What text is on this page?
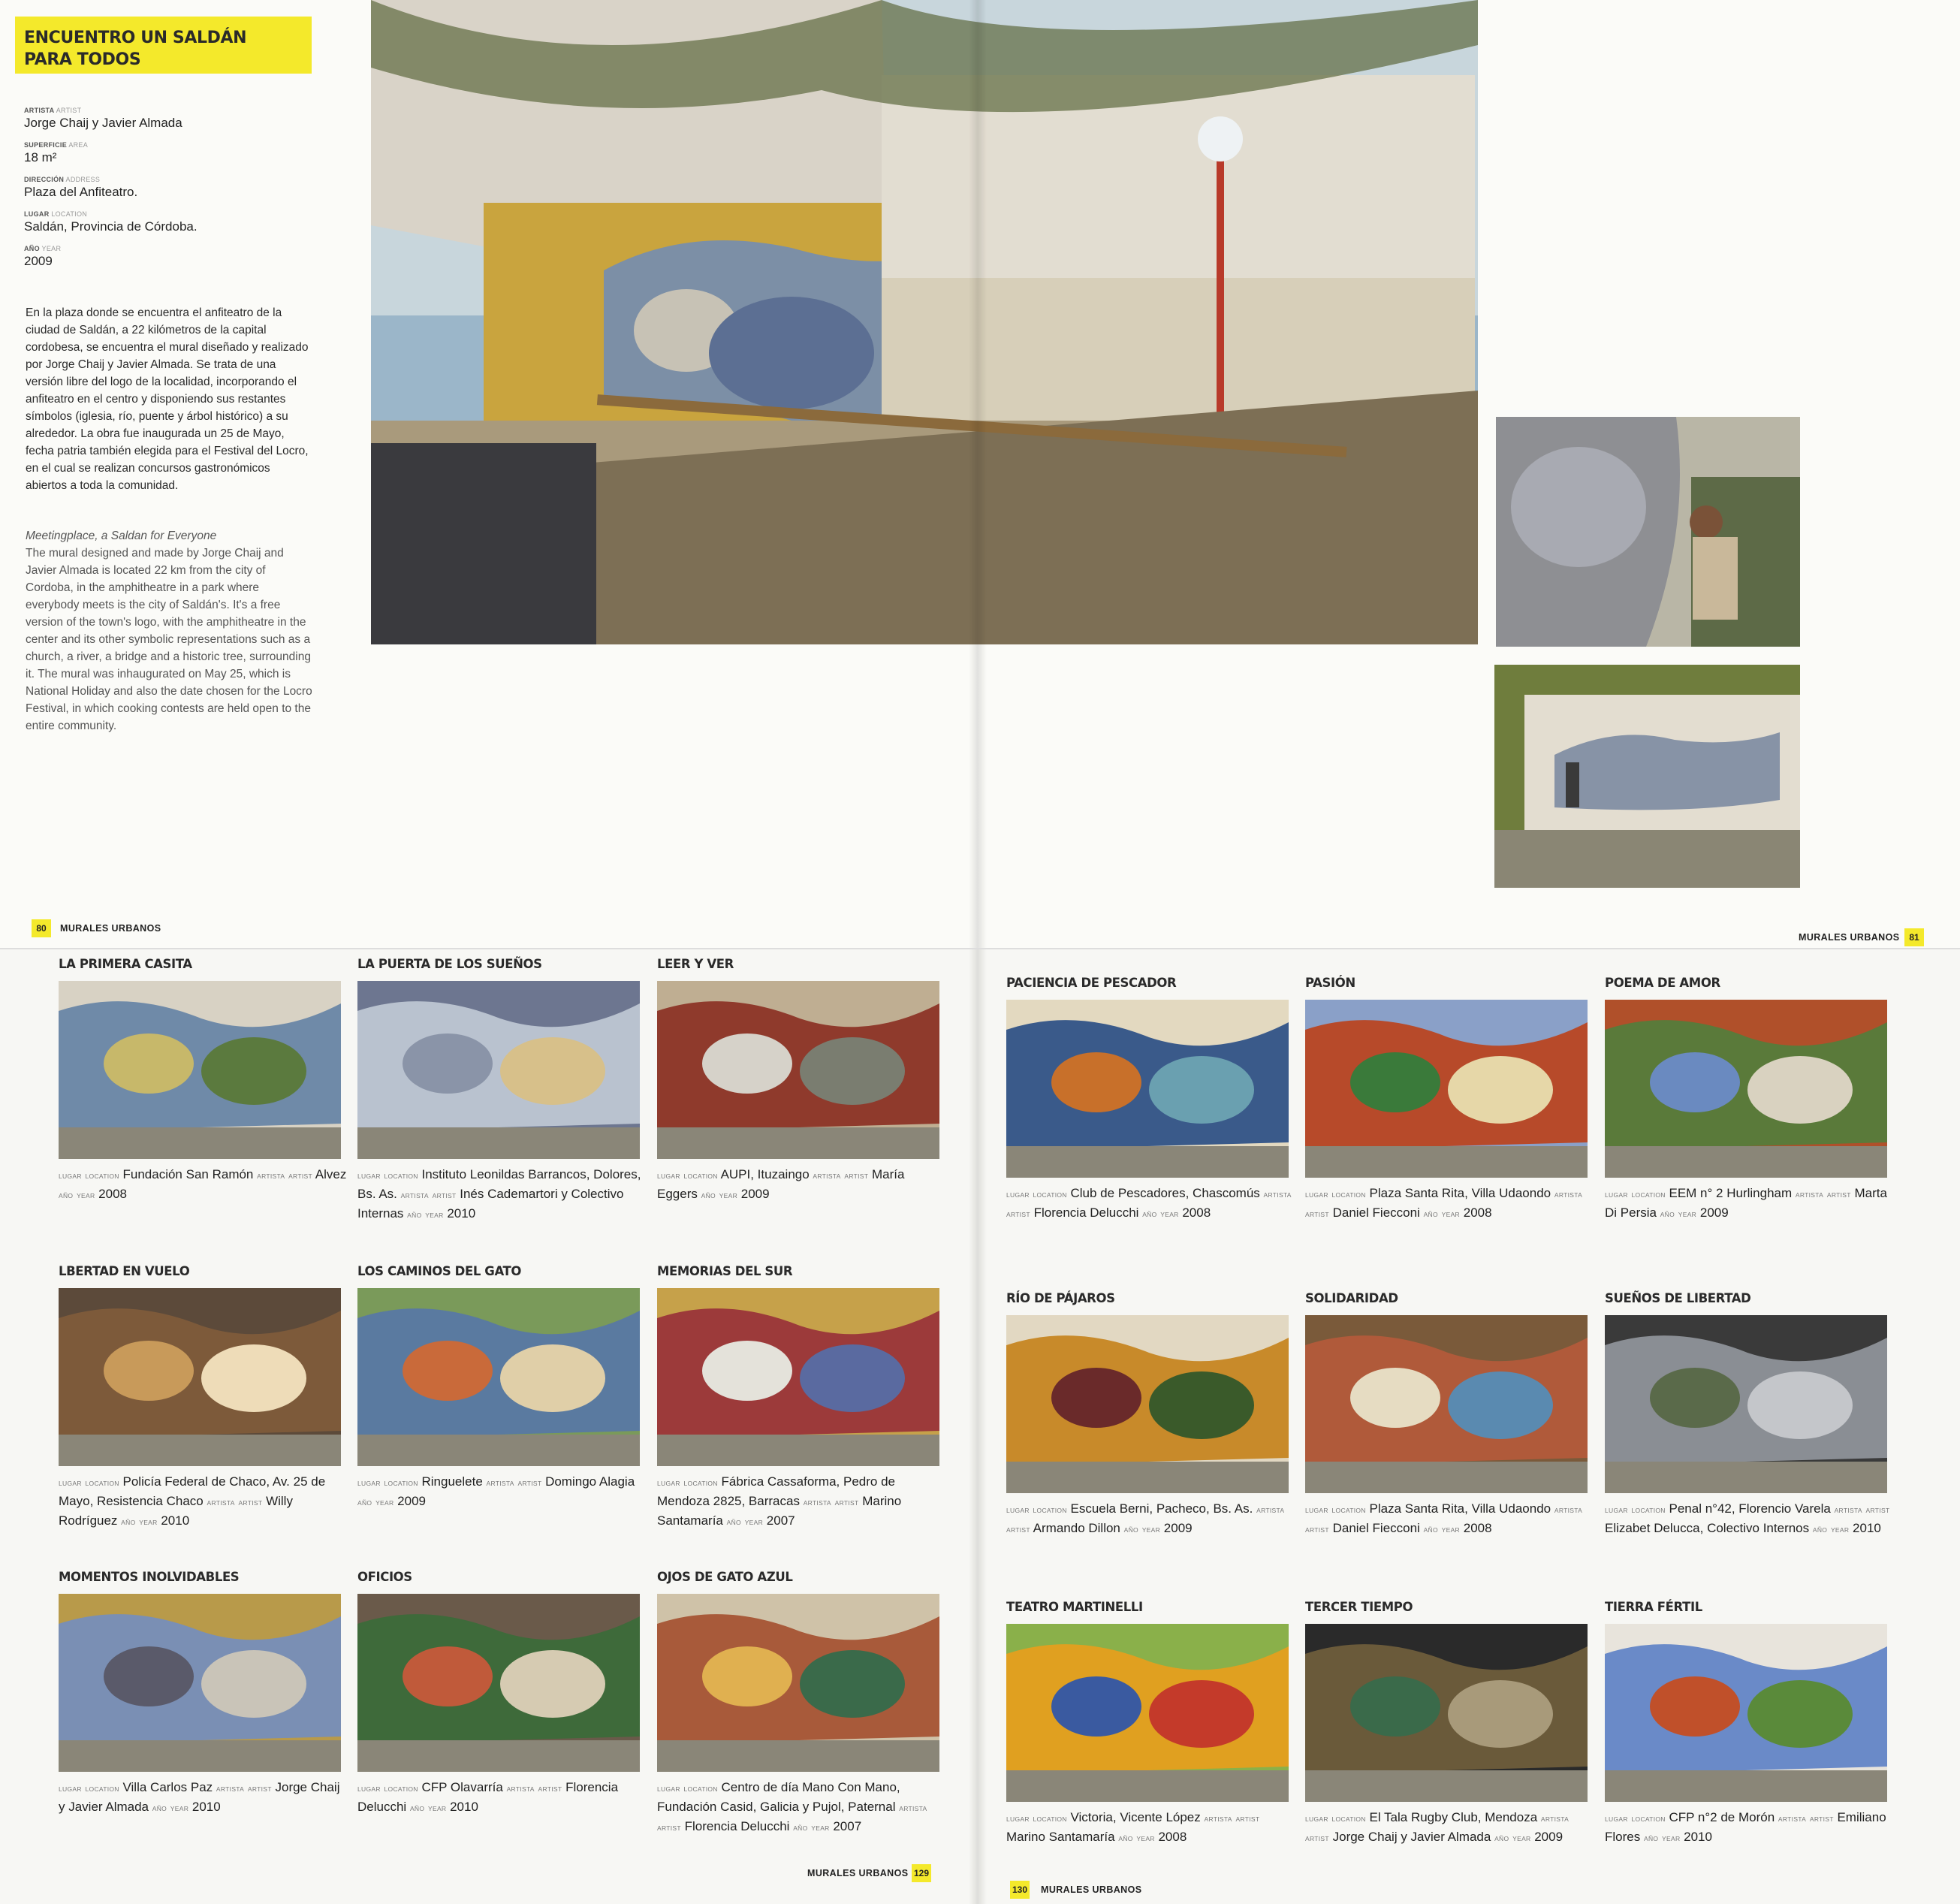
ENCUENTRO UN SALDÁN
PARA TODOS
ARTISTA ARTIST
Jorge Chaij y Javier Almada
SUPERFICIE AREA
18 m²
DIRECCIÓN ADDRESS
Plaza del Anfiteatro.
LUGAR LOCATION
Saldán, Provincia de Córdoba.
AÑO YEAR
2009
En la plaza donde se encuentra el anfiteatro de la ciudad de Saldán, a 22 kilómetros de la capital cordobesa, se encuentra el mural diseñado y realizado por Jorge Chaij y Javier Almada. Se trata de una versión libre del logo de la localidad, incorporando el anfiteatro en el centro y disponiendo sus restantes símbolos (iglesia, río, puente y árbol histórico) a su alrededor. La obra fue inaugurada un 25 de Mayo, fecha patria también elegida para el Festival del Locro, en el cual se realizan concursos gastronómicos abiertos a toda la comunidad.
Meetingplace, a Saldan for Everyone
The mural designed and made by Jorge Chaij and Javier Almada is located 22 km from the city of Cordoba, in the amphitheatre in a park where everybody meets is the city of Saldán's. It's a free version of the town's logo, with the amphitheatre in the center and its other symbolic representations such as a church, a river, a bridge and a historic tree, surrounding it. The mural was inhaugurated on May 25, which is National Holiday and also the date chosen for the Locro Festival, in which cooking contests are held open to the entire community.
80	MURALES URBANOS
MURALES URBANOS	81
LA PRIMERA CASITA
LUGAR LOCATION Fundación San Ramón ARTISTA ARTIST Alvez AÑO YEAR 2008
LA PUERTA DE LOS SUEÑOS
LUGAR LOCATION Instituto Leonildas Barrancos, Dolores, Bs. As. ARTISTA ARTIST Inés Cademartori y Colectivo Internas AÑO YEAR 2010
LEER Y VER
LUGAR LOCATION AUPI, Ituzaingo ARTISTA ARTIST María Eggers AÑO YEAR 2009
LBERTAD EN VUELO
LUGAR LOCATION Policía Federal de Chaco, Av. 25 de Mayo, Resistencia Chaco ARTISTA ARTIST Willy Rodríguez AÑO YEAR 2010
LOS CAMINOS DEL GATO
LUGAR LOCATION Ringuelete ARTISTA ARTIST Domingo Alagia AÑO YEAR 2009
MEMORIAS DEL SUR
LUGAR LOCATION Fábrica Cassaforma, Pedro de Mendoza 2825, Barracas ARTISTA ARTIST Marino Santamaría AÑO YEAR 2007
MOMENTOS INOLVIDABLES
LUGAR LOCATION Villa Carlos Paz ARTISTA ARTIST Jorge Chaij y Javier Almada AÑO YEAR 2010
OFICIOS
LUGAR LOCATION CFP Olavarría ARTISTA ARTIST Florencia Delucchi AÑO YEAR 2010
OJOS DE GATO AZUL
LUGAR LOCATION Centro de día Mano Con Mano, Fundación Casid, Galicia y Pujol, Paternal ARTISTA ARTIST Florencia Delucchi AÑO YEAR 2007
PACIENCIA DE PESCADOR
LUGAR LOCATION Club de Pescadores, Chascomús ARTISTA ARTIST Florencia Delucchi AÑO YEAR 2008
PASIÓN
LUGAR LOCATION Plaza Santa Rita, Villa Udaondo ARTISTA ARTIST Daniel Fiecconi AÑO YEAR 2008
POEMA DE AMOR
LUGAR LOCATION EEM n° 2 Hurlingham ARTISTA ARTIST Marta Di Persia AÑO YEAR 2009
RÍO DE PÁJAROS
LUGAR LOCATION Escuela Berni, Pacheco, Bs. As. ARTISTA ARTIST Armando Dillon AÑO YEAR 2009
SOLIDARIDAD
LUGAR LOCATION Plaza Santa Rita, Villa Udaondo ARTISTA ARTIST Daniel Fiecconi AÑO YEAR 2008
SUEÑOS DE LIBERTAD
LUGAR LOCATION Penal n°42, Florencio Varela ARTISTA ARTIST Elizabet Delucca, Colectivo Internos AÑO YEAR 2010
TEATRO MARTINELLI
LUGAR LOCATION Victoria, Vicente López ARTISTA ARTIST Marino Santamaría AÑO YEAR 2008
TERCER TIEMPO
LUGAR LOCATION El Tala Rugby Club, Mendoza ARTISTA ARTIST Jorge Chaij y Javier Almada AÑO YEAR 2009
TIERRA FÉRTIL
LUGAR LOCATION CFP n°2 de Morón ARTISTA ARTIST Emiliano Flores AÑO YEAR 2010
MURALES URBANOS 129
130 MURALES URBANOS
